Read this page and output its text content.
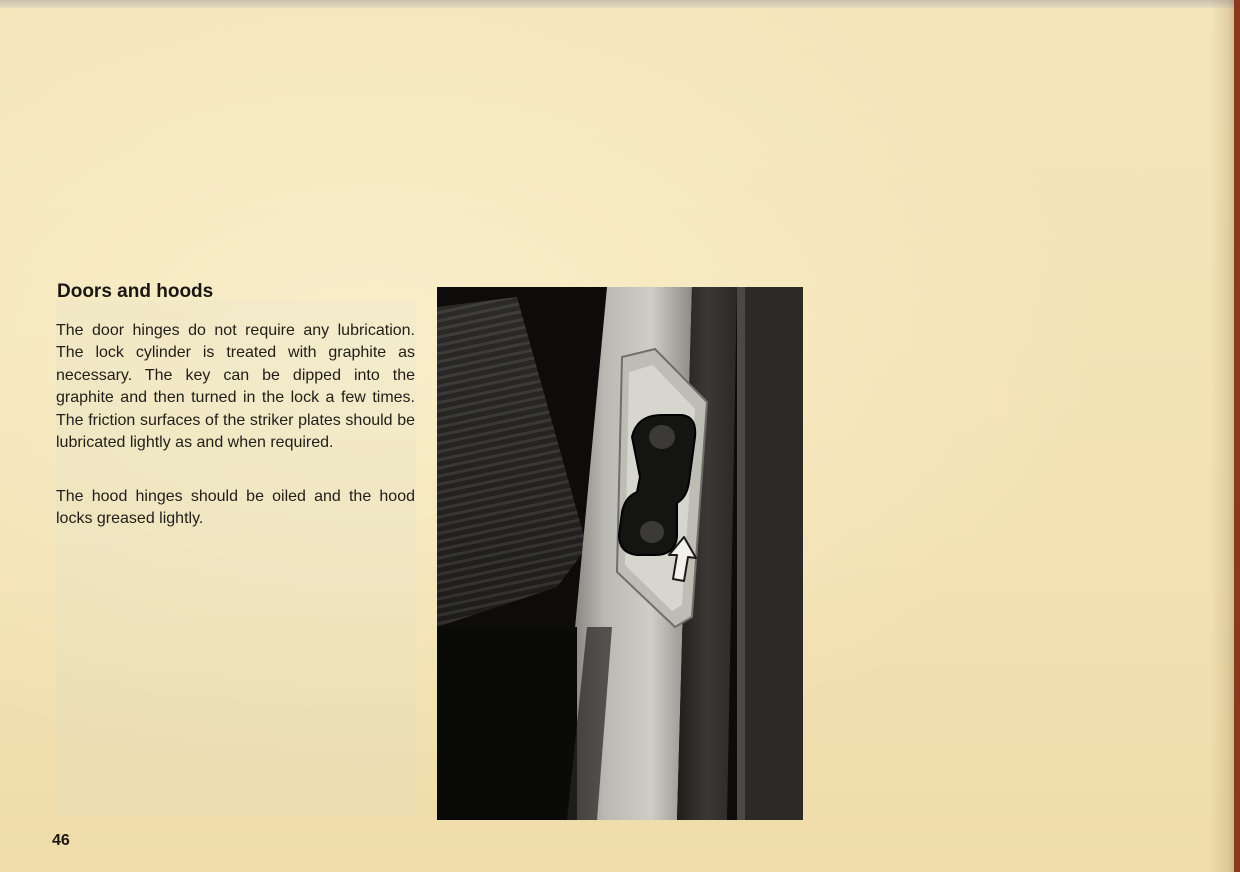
Doors and hoods

The door hinges do not require any lubrication. The lock cylinder is treated with graphite as necessary. The key can be dipped into the graphite and then turned in the lock a few times. The friction surfaces of the striker plates should be lubricated lightly as and when required.

The hood hinges should be oiled and the hood locks greased lightly.

46
